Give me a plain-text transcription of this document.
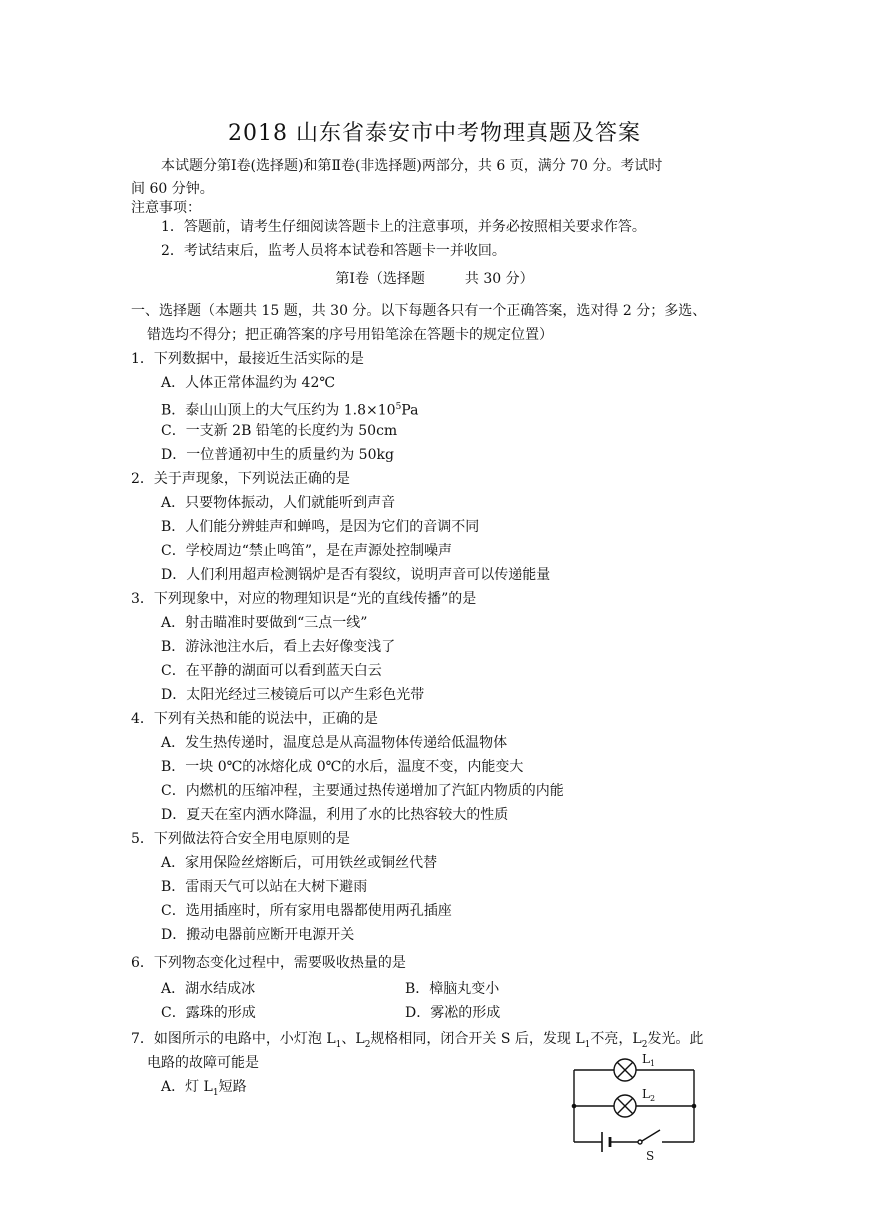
2018 山东省泰安市中考物理真题及答案
本试题分第Ⅰ卷(选择题)和第Ⅱ卷(非选择题)两部分，共 6 页，满分 70 分。考试时
间 60 分钟。
注意事项：
1．答题前，请考生仔细阅读答题卡上的注意事项，并务必按照相关要求作答。
2．考试结束后，监考人员将本试卷和答题卡一并收回。
第Ⅰ卷（选择题	共 30 分）
一、选择题（本题共 15 题，共 30 分。以下每题各只有一个正确答案，选对得 2 分；多选、
错选均不得分；把正确答案的序号用铅笔涂在答题卡的规定位置）
1．下列数据中，最接近生活实际的是
A．人体正常体温约为 42℃
B．泰山山顶上的大气压约为 $1.8\times 10^5Pa$
C．一支新 2B 铅笔的长度约为 50cm
D．一位普通初中生的质量约为 50kg
2．关于声现象，下列说法正确的是
A．只要物体振动，人们就能听到声音
B．人们能分辨蛙声和蝉鸣，是因为它们的音调不同
C．学校周边“禁止鸣笛”，是在声源处控制噪声
D．人们利用超声检测锅炉是否有裂纹，说明声音可以传递能量
3．下列现象中，对应的物理知识是“光的直线传播”的是
A．射击瞄准时要做到“三点一线”
B．游泳池注水后，看上去好像变浅了
C．在平静的湖面可以看到蓝天白云
D．太阳光经过三棱镜后可以产生彩色光带
4．下列有关热和能的说法中，正确的是
A．发生热传递时，温度总是从高温物体传递给低温物体
B．一块 0℃的冰熔化成 0℃的水后，温度不变，内能变大
C．内燃机的压缩冲程，主要通过热传递增加了汽缸内物质的内能
D．夏天在室内洒水降温，利用了水的比热容较大的性质
5．下列做法符合安全用电原则的是
A．家用保险丝熔断后，可用铁丝或铜丝代替
B．雷雨天气可以站在大树下避雨
C．选用插座时，所有家用电器都使用两孔插座
D．搬动电器前应断开电源开关
6．下列物态变化过程中，需要吸收热量的是
A．湖水结成冰	B．樟脑丸变小
C．露珠的形成	D．雾凇的形成
7．如图所示的电路中，小灯泡 $L_1$、$L_2$规格相同，闭合开关 S 后，发现 $L_1$不亮，$L_2$发光。此
电路的故障可能是
A．灯 $L_1$短路
$L_1$
$L_2$
S
